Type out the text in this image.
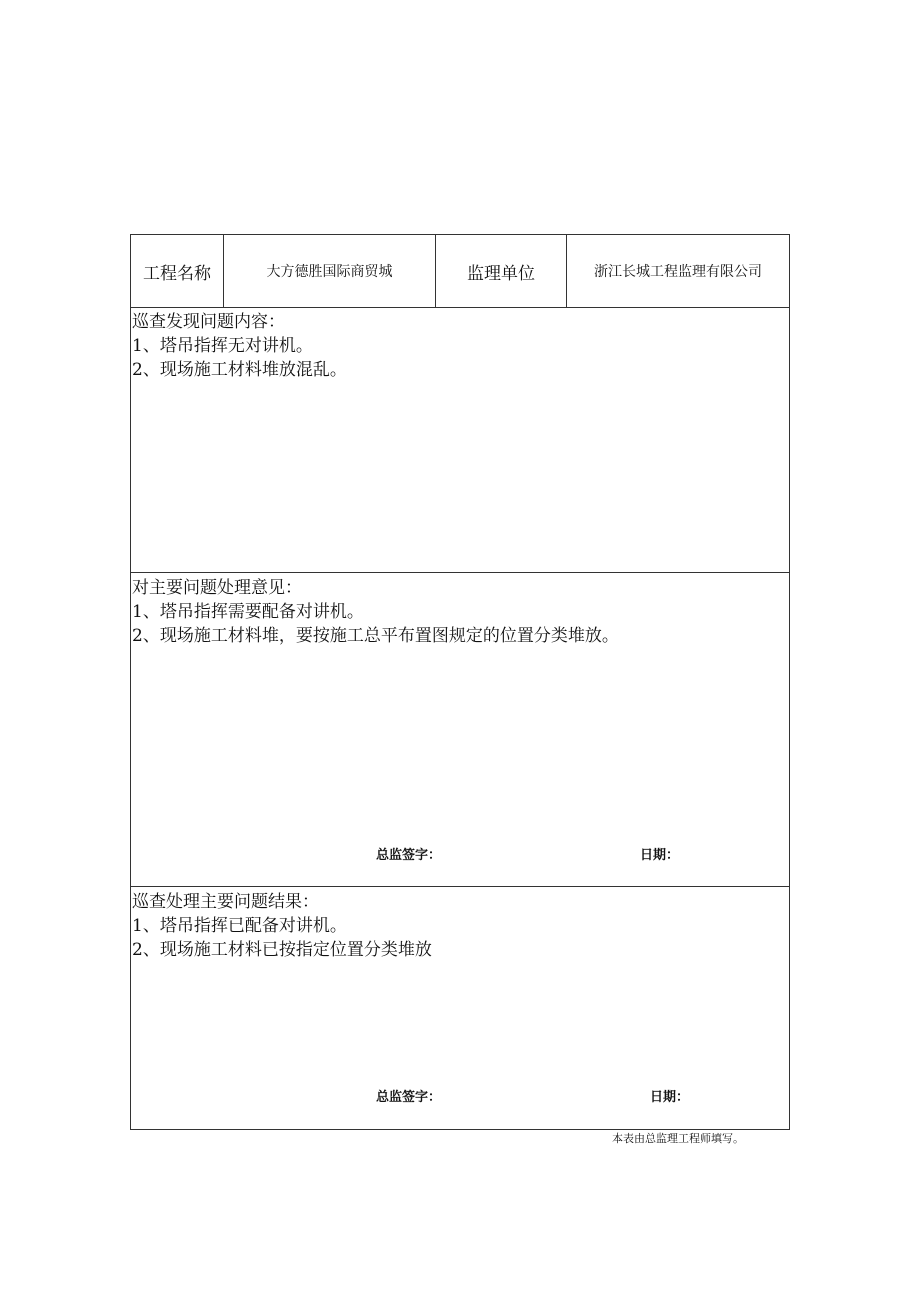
工程名称	大方德胜国际商贸城	监理单位	浙江长城工程监理有限公司
巡查发现问题内容：
1、塔吊指挥无对讲机。
2、现场施工材料堆放混乱。
对主要问题处理意见：
1、塔吊指挥需要配备对讲机。
2、现场施工材料堆，要按施工总平布置图规定的位置分类堆放。
总监签字：	日期：
巡查处理主要问题结果：
1、塔吊指挥已配备对讲机。
2、现场施工材料已按指定位置分类堆放
总监签字：	日期：
本表由总监理工程师填写。
